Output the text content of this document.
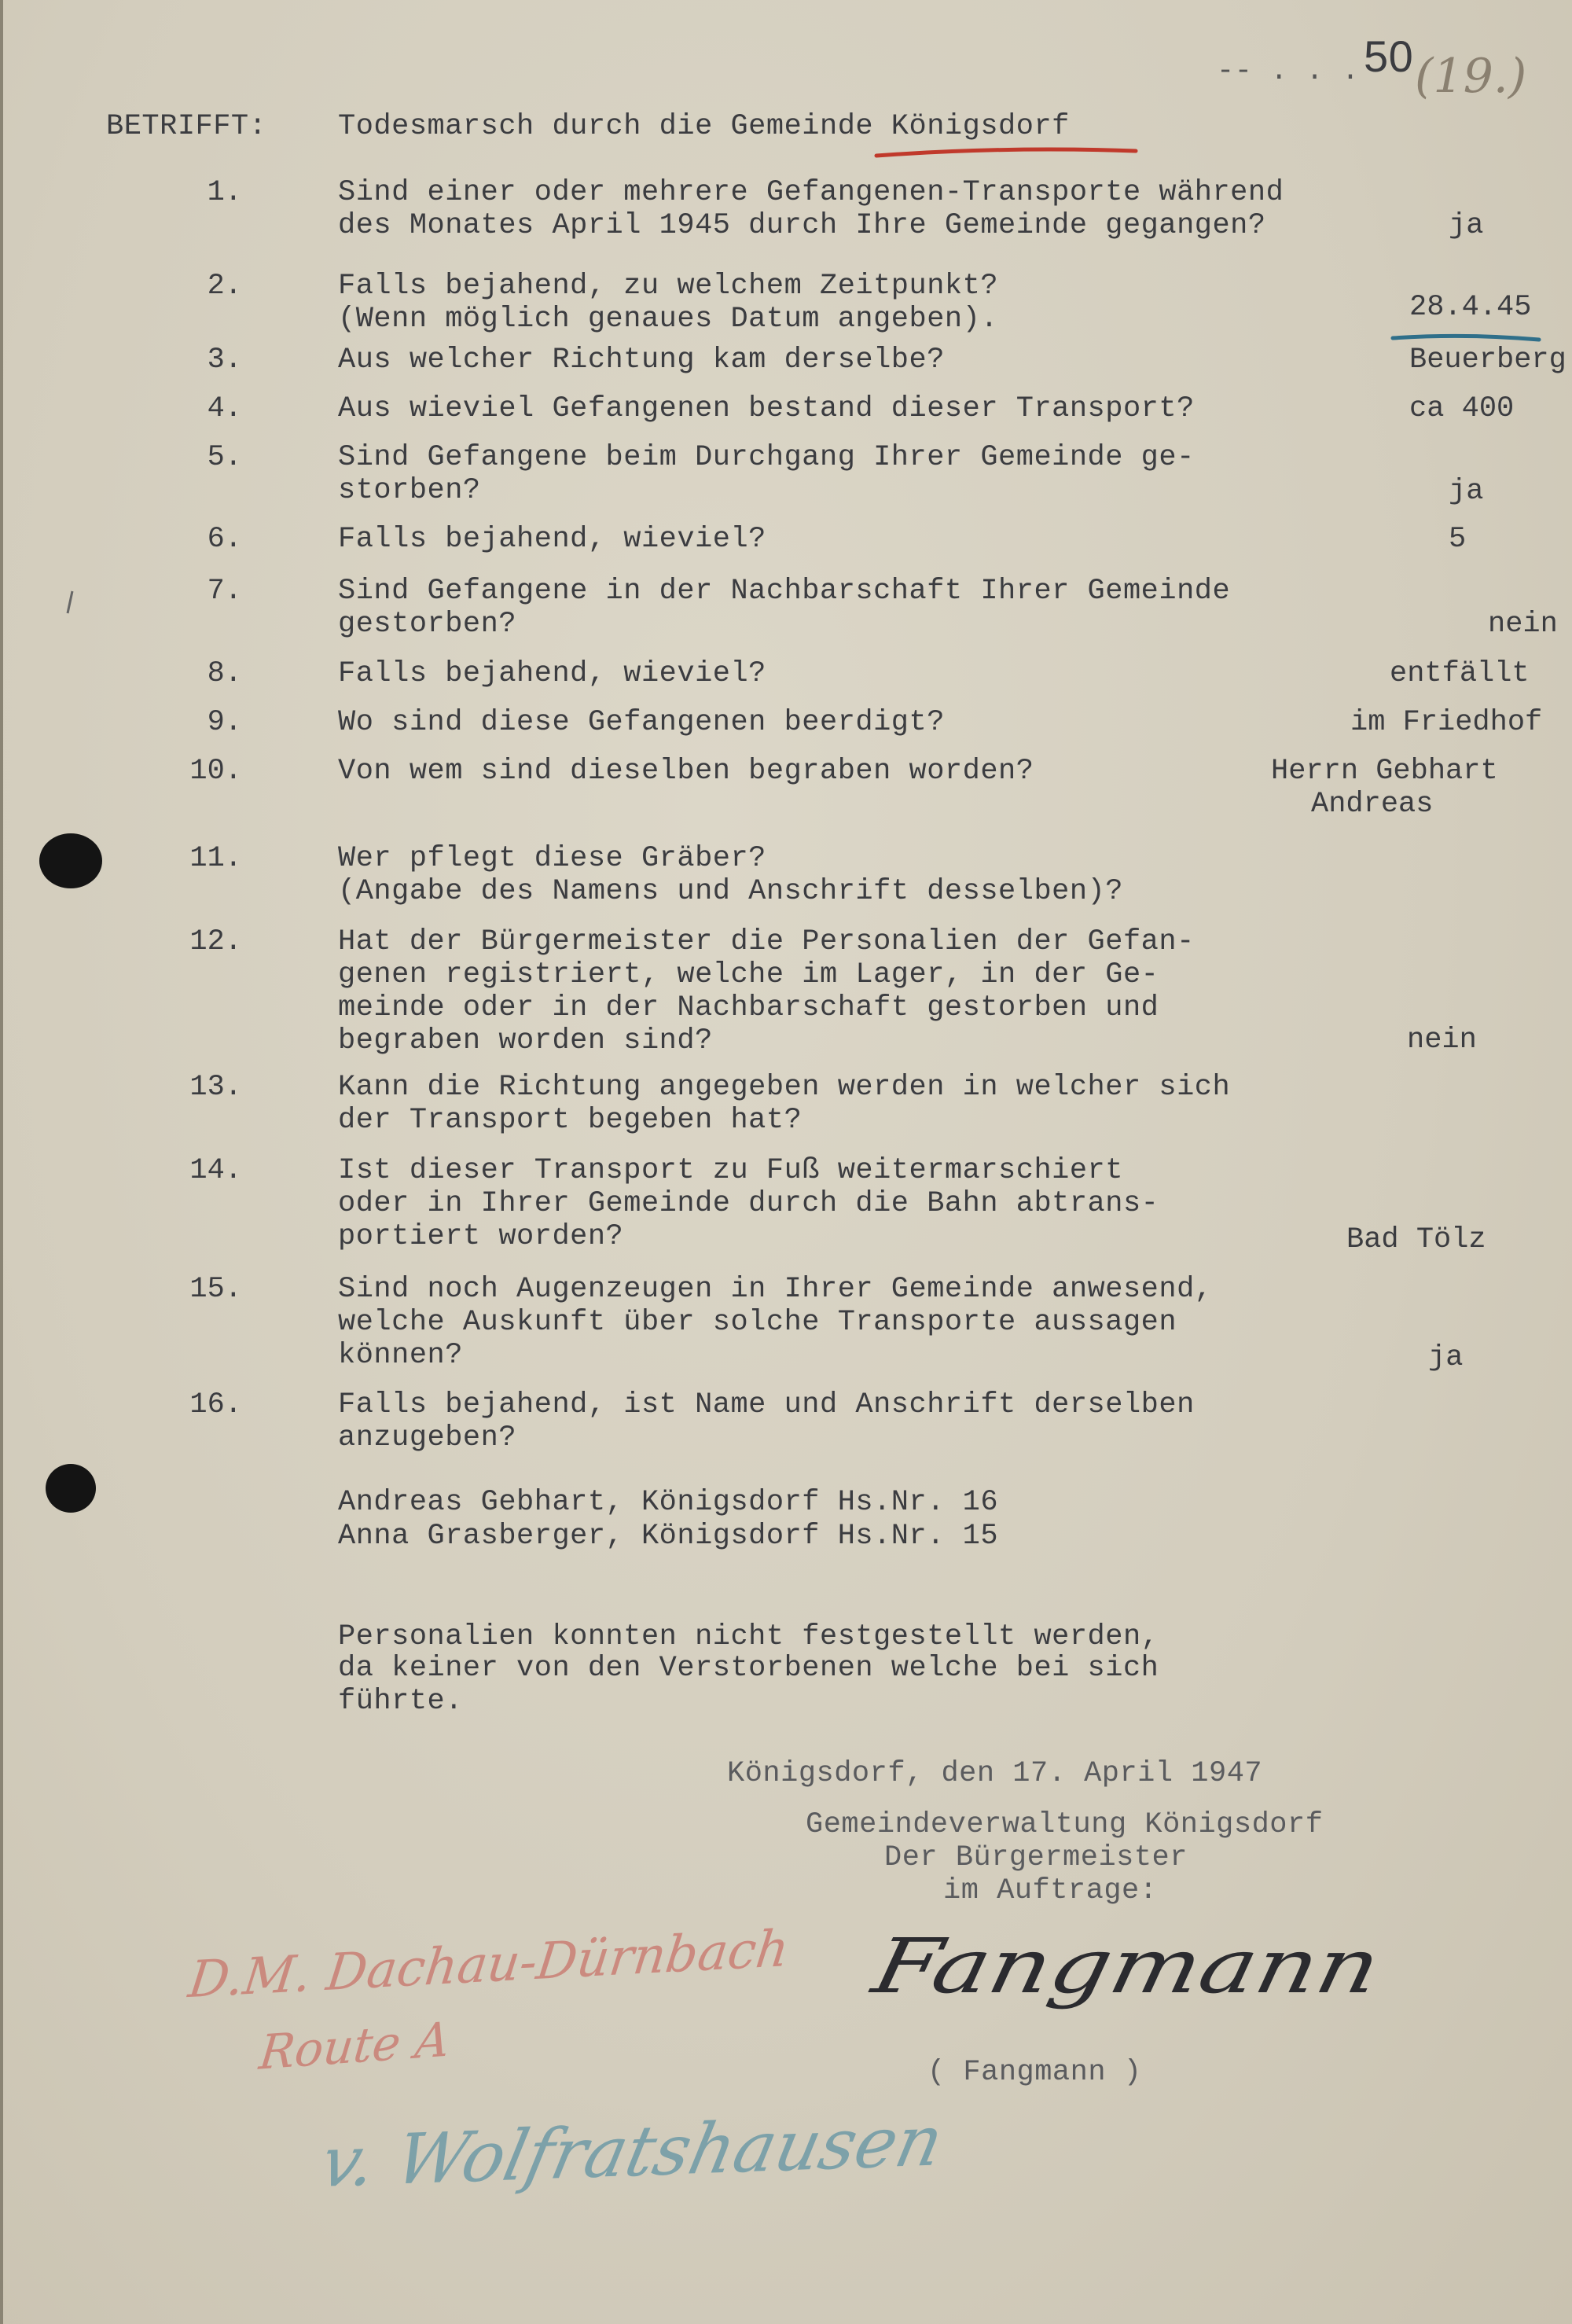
50 (19.)
-- . . .
BETRIFFT: Todesmarsch durch die Gemeinde Königsdorf
1.	Sind einer oder mehrere Gefangenen-Transporte während
des Monates April 1945 durch Ihre Gemeinde gegangen?	ja
2.	Falls bejahend, zu welchem Zeitpunkt?
(Wenn möglich genaues Datum angeben).	28.4.45
3.	Aus welcher Richtung kam derselbe?	Beuerberg
4.	Aus wieviel Gefangenen bestand dieser Transport?	ca 400
5.	Sind Gefangene beim Durchgang Ihrer Gemeinde ge-
storben?	ja
6.	Falls bejahend, wieviel?	5
7.	Sind Gefangene in der Nachbarschaft Ihrer Gemeinde
gestorben?	nein
8.	Falls bejahend, wieviel?	entfällt
9.	Wo sind diese Gefangenen beerdigt?	im Friedhof
10.	Von wem sind dieselben begraben worden?	Herrn Gebhart
Andreas
11.	Wer pflegt diese Gräber?
(Angabe des Namens und Anschrift desselben)?
12.	Hat der Bürgermeister die Personalien der Gefan-
genen registriert, welche im Lager, in der Ge-
meinde oder in der Nachbarschaft gestorben und
begraben worden sind?	nein
13.	Kann die Richtung angegeben werden in welcher sich
der Transport begeben hat?
14.	Ist dieser Transport zu Fuß weitermarschiert
oder in Ihrer Gemeinde durch die Bahn abtrans-
portiert worden?	Bad Tölz
15.	Sind noch Augenzeugen in Ihrer Gemeinde anwesend,
welche Auskunft über solche Transporte aussagen
können?	ja
16.	Falls bejahend, ist Name und Anschrift derselben
anzugeben?
Andreas Gebhart, Königsdorf Hs.Nr. 16
Anna Grasberger, Königsdorf Hs.Nr. 15
Personalien konnten nicht festgestellt werden,
da keiner von den Verstorbenen welche bei sich
führte.
Königsdorf, den 17. April 1947
Gemeindeverwaltung Königsdorf
Der Bürgermeister
im Auftrage:
Fangmann
( Fangmann )
D.M. Dachau-Dürnbach
Route A
v. Wolfratshausen
